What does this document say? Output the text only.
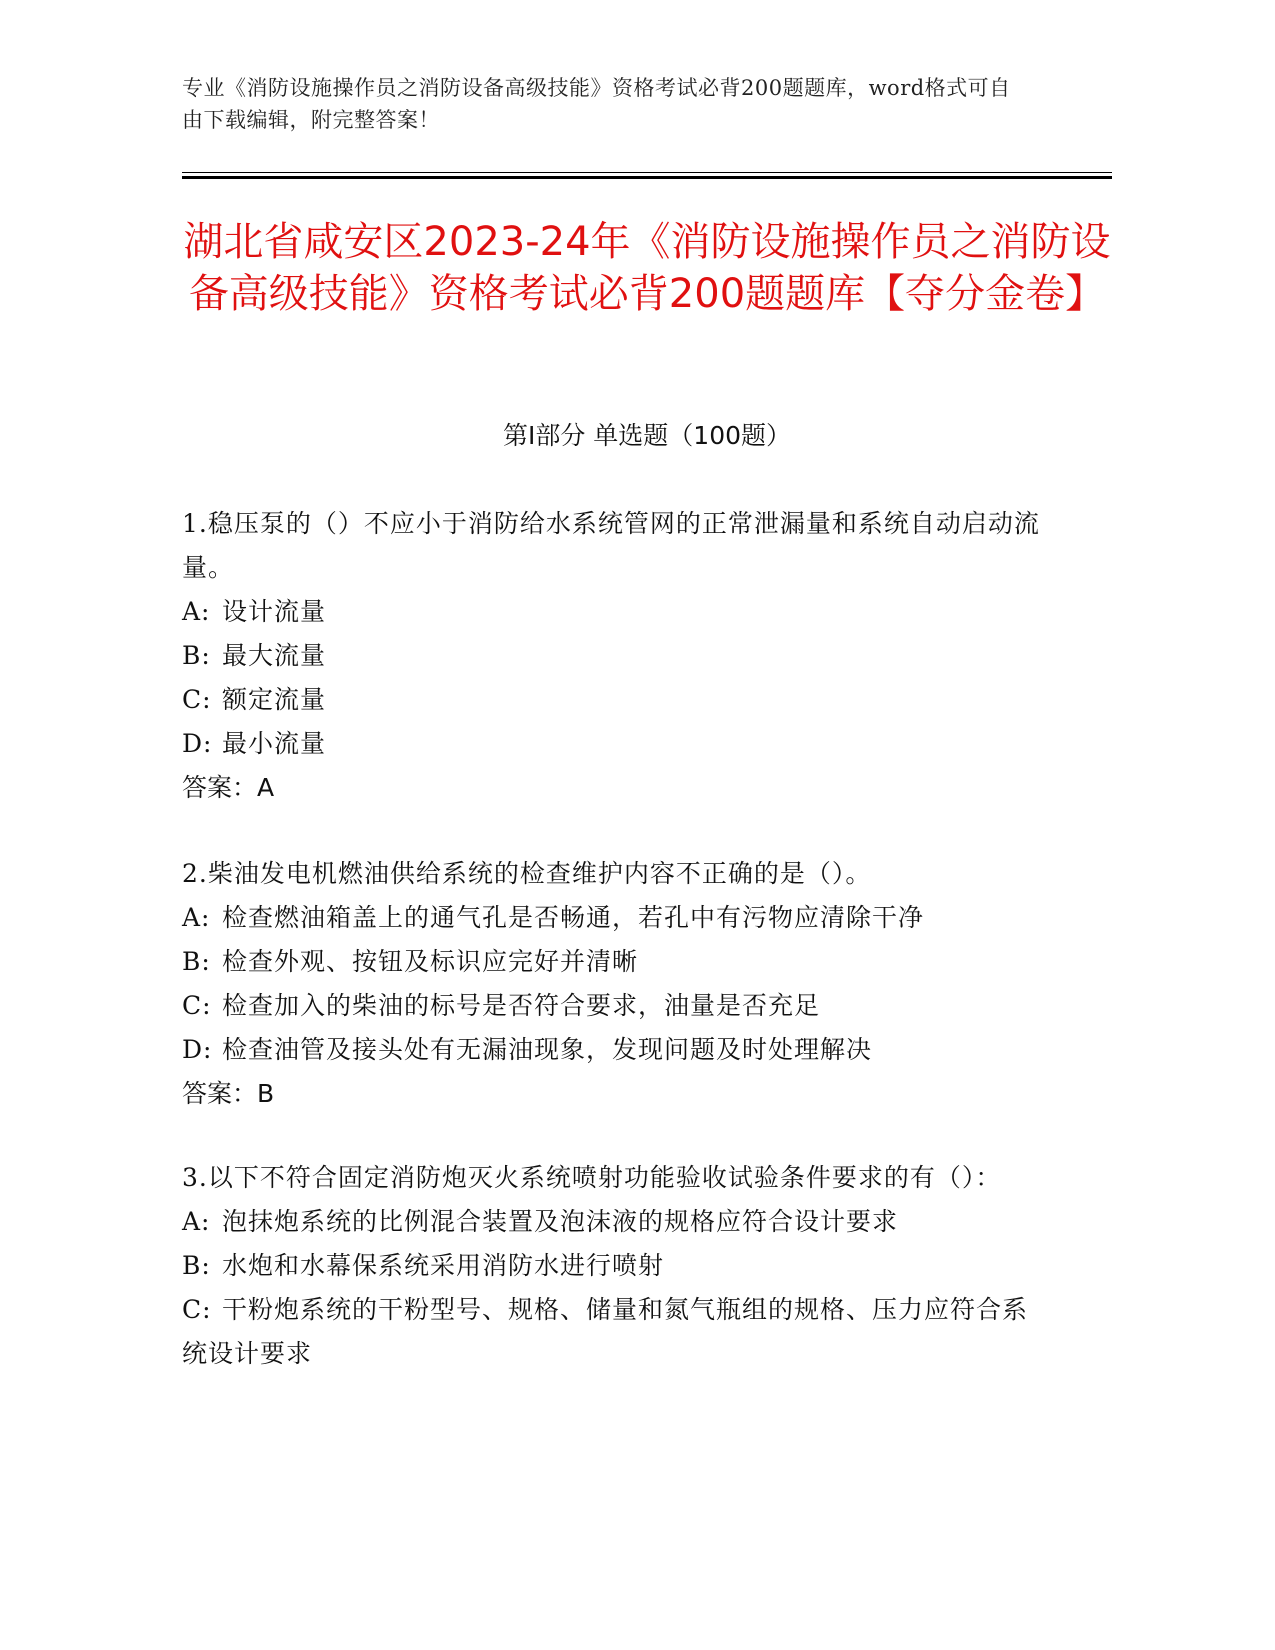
专业《消防设施操作员之消防设备高级技能》资格考试必背200题题库，word格式可自由下载编辑，附完整答案！
湖北省咸安区2023-24年《消防设施操作员之消防设备高级技能》资格考试必背200题题库【夺分金卷】
第Ⅰ部分 单选题（100题）
1.稳压泵的（）不应小于消防给水系统管网的正常泄漏量和系统自动启动流量。
A: 设计流量
B: 最大流量
C: 额定流量
D: 最小流量
答案：A
2.柴油发电机燃油供给系统的检查维护内容不正确的是（）。
A: 检查燃油箱盖上的通气孔是否畅通，若孔中有污物应清除干净
B: 检查外观、按钮及标识应完好并清晰
C: 检查加入的柴油的标号是否符合要求，油量是否充足
D: 检查油管及接头处有无漏油现象，发现问题及时处理解决
答案：B
3.以下不符合固定消防炮灭火系统喷射功能验收试验条件要求的有（）：
A: 泡抹炮系统的比例混合装置及泡沫液的规格应符合设计要求
B: 水炮和水幕保系统采用消防水进行喷射
C: 干粉炮系统的干粉型号、规格、储量和氮气瓶组的规格、压力应符合系统设计要求
